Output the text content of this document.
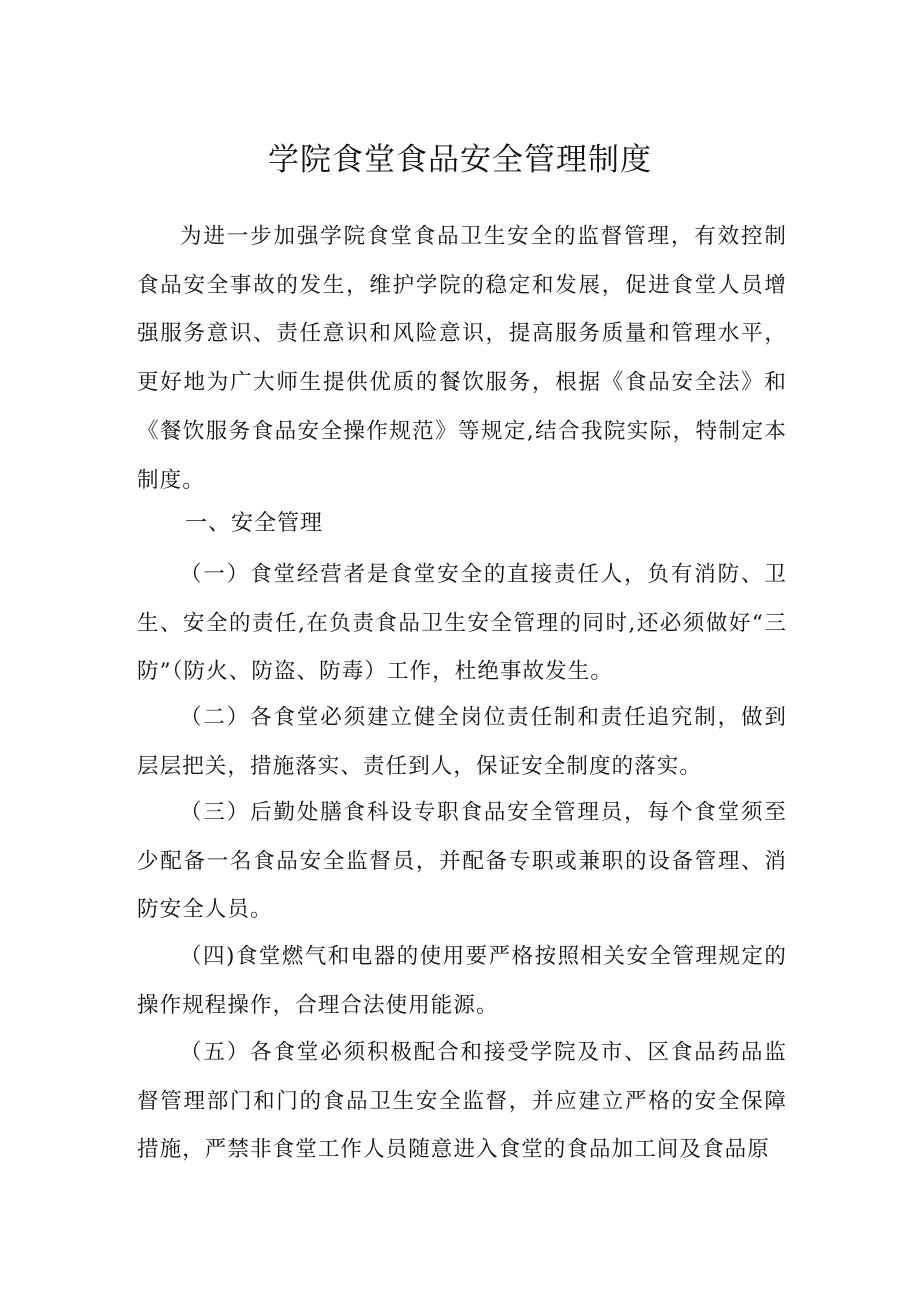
学院食堂食品安全管理制度

为进一步加强学院食堂食品卫生安全的监督管理，有效控制食品安全事故的发生，维护学院的稳定和发展，促进食堂人员增强服务意识、责任意识和风险意识，提高服务质量和管理水平，更好地为广大师生提供优质的餐饮服务，根据《食品安全法》和《餐饮服务食品安全操作规范》等规定,结合我院实际，特制定本制度。

一、安全管理

（一）食堂经营者是食堂安全的直接责任人，负有消防、卫生、安全的责任,在负责食品卫生安全管理的同时,还必须做好“三防”（防火、防盗、防毒）工作，杜绝事故发生。

（二）各食堂必须建立健全岗位责任制和责任追究制，做到层层把关，措施落实、责任到人，保证安全制度的落实。

（三）后勤处膳食科设专职食品安全管理员，每个食堂须至少配备一名食品安全监督员，并配备专职或兼职的设备管理、消防安全人员。

（四)食堂燃气和电器的使用要严格按照相关安全管理规定的操作规程操作，合理合法使用能源。

（五）各食堂必须积极配合和接受学院及市、区食品药品监督管理部门和门的食品卫生安全监督，并应建立严格的安全保障措施，严禁非食堂工作人员随意进入食堂的食品加工间及食品原
